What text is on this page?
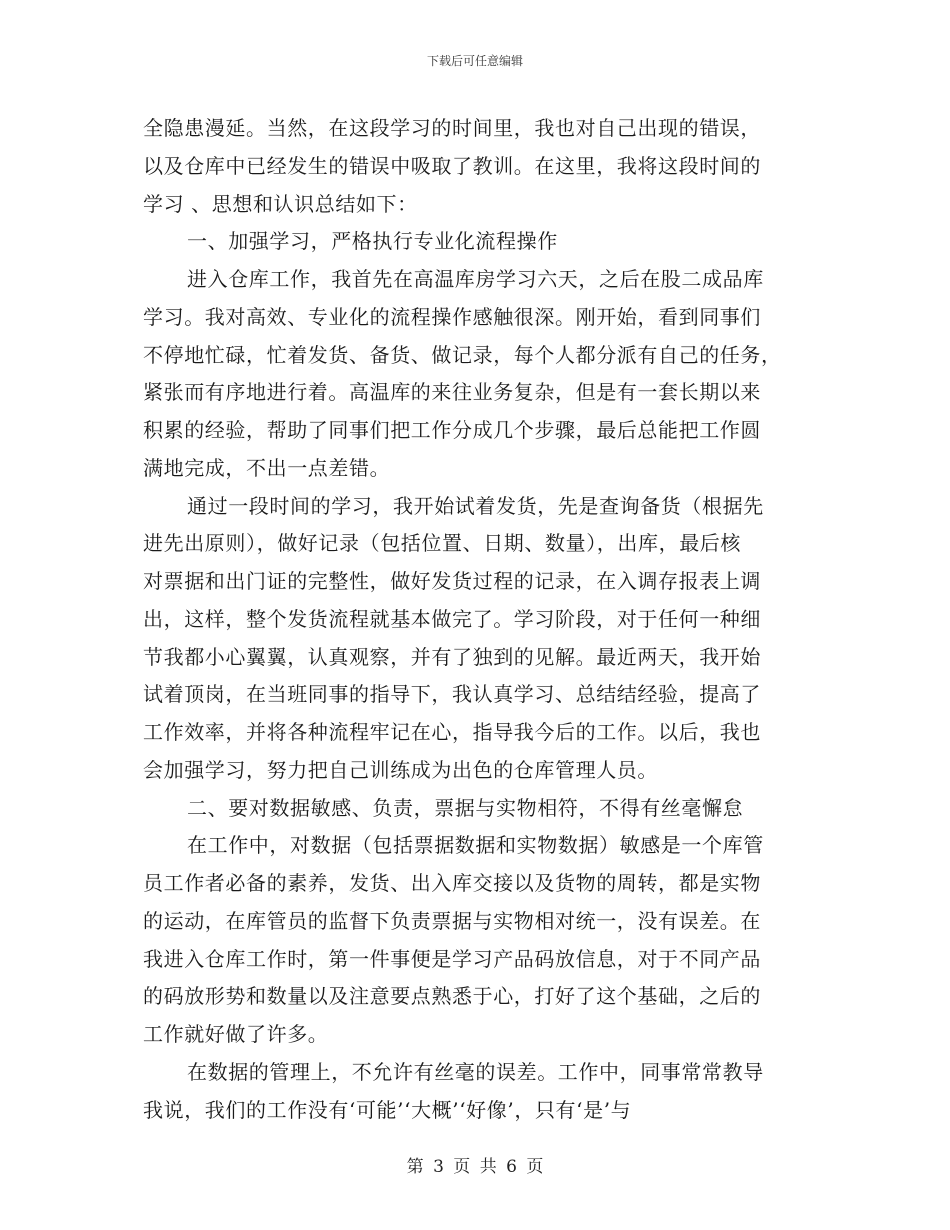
下载后可任意编辑
全隐患漫延。当然，在这段学习的时间里，我也对自己出现的错误，
以及仓库中已经发生的错误中吸取了教训。在这里，我将这段时间的
学习 、思想和认识总结如下：
一、加强学习，严格执行专业化流程操作
进入仓库工作，我首先在高温库房学习六天，之后在股二成品库
学习。我对高效、专业化的流程操作感触很深。刚开始，看到同事们
不停地忙碌，忙着发货、备货、做记录，每个人都分派有自己的任务，
紧张而有序地进行着。高温库的来往业务复杂，但是有一套长期以来
积累的经验，帮助了同事们把工作分成几个步骤，最后总能把工作圆
满地完成，不出一点差错。
通过一段时间的学习，我开始试着发货，先是查询备货（根据先
进先出原则），做好记录（包括位置、日期、数量），出库，最后核
对票据和出门证的完整性，做好发货过程的记录，在入调存报表上调
出，这样，整个发货流程就基本做完了。学习阶段，对于任何一种细
节我都小心翼翼，认真观察，并有了独到的见解。最近两天，我开始
试着顶岗，在当班同事的指导下，我认真学习、总结结经验，提高了
工作效率，并将各种流程牢记在心，指导我今后的工作。以后，我也
会加强学习，努力把自己训练成为出色的仓库管理人员。
二、要对数据敏感、负责，票据与实物相符，不得有丝毫懈怠
在工作中，对数据（包括票据数据和实物数据）敏感是一个库管
员工作者必备的素养，发货、出入库交接以及货物的周转，都是实物
的运动，在库管员的监督下负责票据与实物相对统一，没有误差。在
我进入仓库工作时，第一件事便是学习产品码放信息，对于不同产品
的码放形势和数量以及注意要点熟悉于心，打好了这个基础，之后的
工作就好做了许多。
在数据的管理上，不允许有丝毫的误差。工作中，同事常常教导
我说，我们的工作没有‘可能’‘大概’‘好像’，只有‘是’与
第 3 页 共 6 页
